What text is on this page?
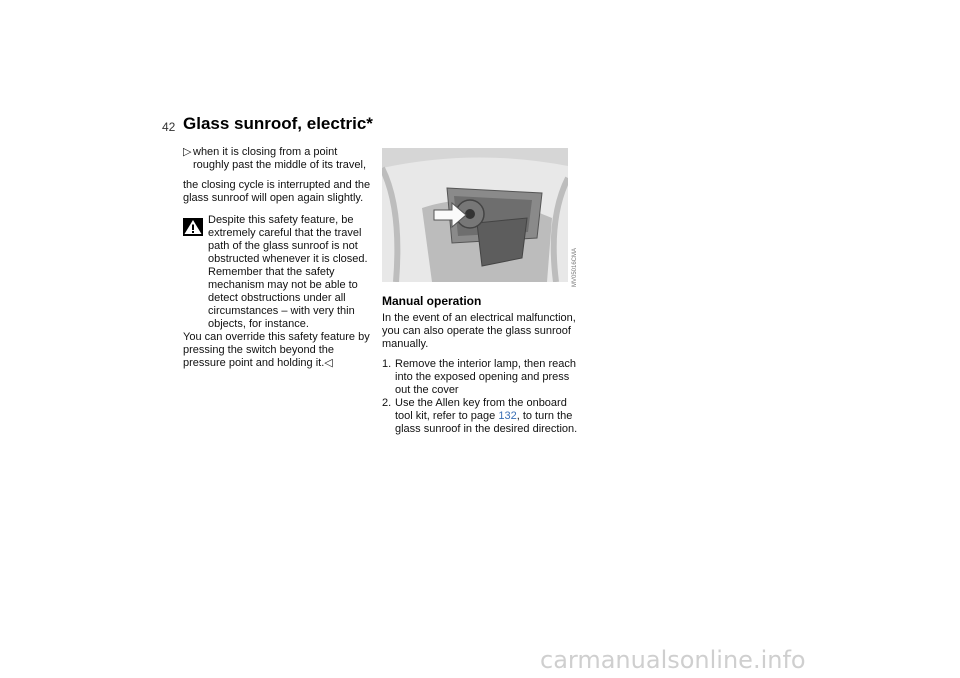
42 Glass sunroof, electric*
▷ when it is closing from a point roughly past the middle of its travel,

the closing cycle is interrupted and the glass sunroof will open again slightly.

Despite this safety feature, be
extremely careful that the travel path of the glass sunroof is not obstructed whenever it is closed. Remember that the safety mechanism may not be able to detect obstructions under all circumstances – with very thin objects, for instance.
You can override this safety feature by pressing the switch beyond the pressure point and holding it.◁
MV05016CMA
Manual operation

In the event of an electrical malfunction, you can also operate the glass sunroof manually.

1. Remove the interior lamp, then reach into the exposed opening and press out the cover
2. Use the Allen key from the onboard tool kit, refer to page 132, to turn the glass sunroof in the desired direction.
carmanualsonline.info
